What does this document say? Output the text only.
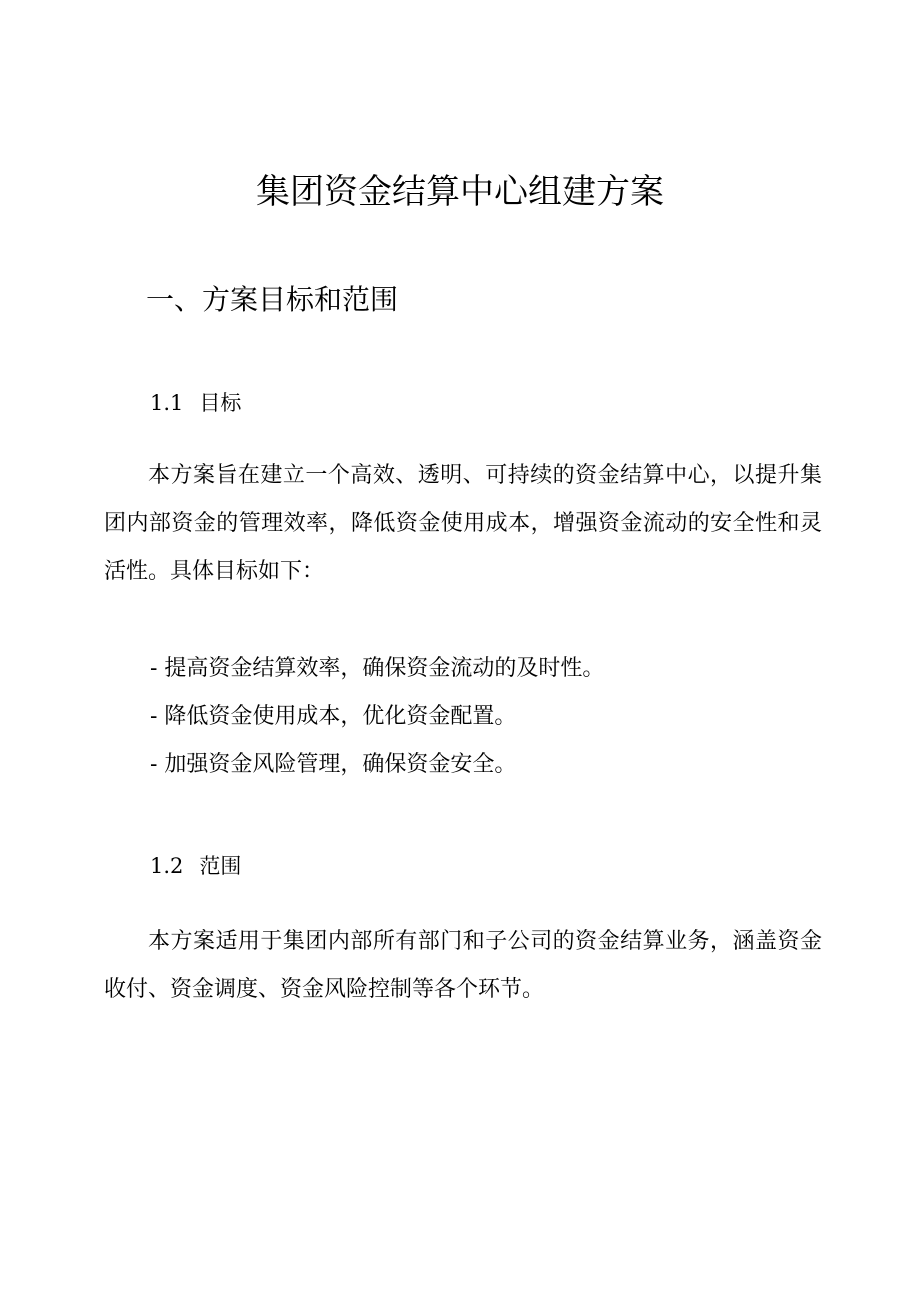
集团资金结算中心组建方案
一、方案目标和范围
1.1 目标

本方案旨在建立一个高效、透明、可持续的资金结算中心，以提升集团内部资金的管理效率，降低资金使用成本，增强资金流动的安全性和灵活性。具体目标如下：

- 提高资金结算效率，确保资金流动的及时性。
- 降低资金使用成本，优化资金配置。
- 加强资金风险管理，确保资金安全。
1.2 范围

本方案适用于集团内部所有部门和子公司的资金结算业务，涵盖资金收付、资金调度、资金风险控制等各个环节。
